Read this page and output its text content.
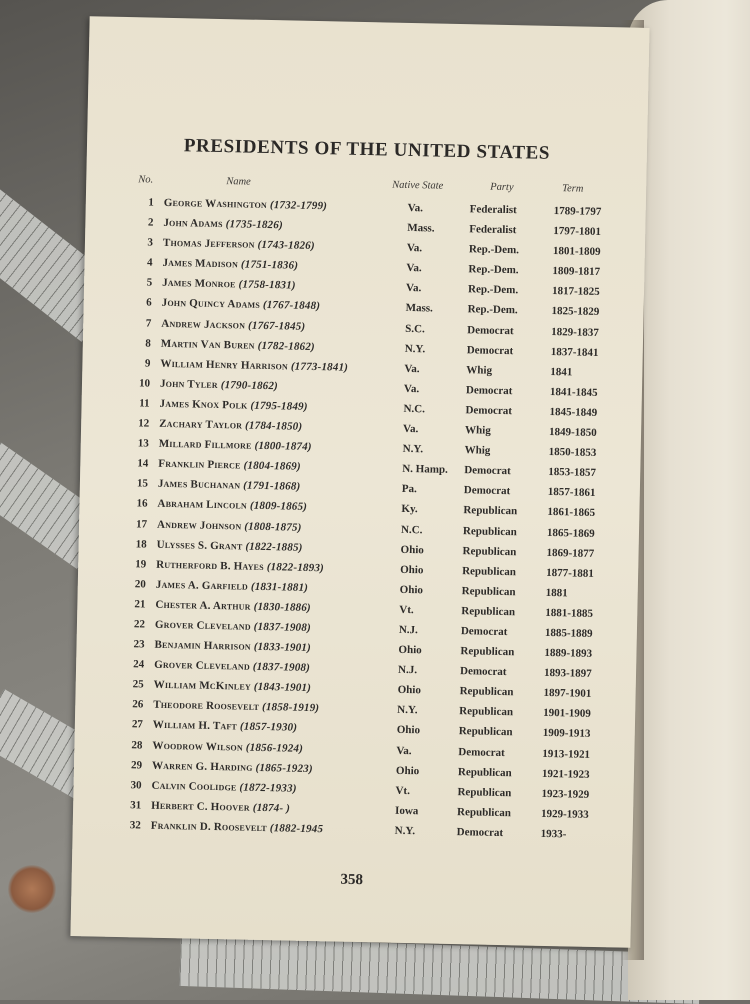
PRESIDENTS OF THE UNITED STATES
No.	Name	Native State	Party	Term
1 George Washington (1732-1799)	Va.	Federalist	1789-1797
2 John Adams (1735-1826)	Mass.	Federalist	1797-1801
3 Thomas Jefferson (1743-1826)	Va.	Rep.-Dem.	1801-1809
4 James Madison (1751-1836)	Va.	Rep.-Dem.	1809-1817
5 James Monroe (1758-1831)	Va.	Rep.-Dem.	1817-1825
6 John Quincy Adams (1767-1848)	Mass.	Rep.-Dem.	1825-1829
7 Andrew Jackson (1767-1845)	S.C.	Democrat	1829-1837
8 Martin Van Buren (1782-1862)	N.Y.	Democrat	1837-1841
9 William Henry Harrison (1773-1841)	Va.	Whig	1841
10 John Tyler (1790-1862)	Va.	Democrat	1841-1845
11 James Knox Polk (1795-1849)	N.C.	Democrat	1845-1849
12 Zachary Taylor (1784-1850)	Va.	Whig	1849-1850
13 Millard Fillmore (1800-1874)	N.Y.	Whig	1850-1853
14 Franklin Pierce (1804-1869)	N. Hamp. Democrat	1853-1857
15 James Buchanan (1791-1868)	Pa.	Democrat	1857-1861
16 Abraham Lincoln (1809-1865)	Ky.	Republican	1861-1865
17 Andrew Johnson (1808-1875)	N.C.	Republican	1865-1869
18 Ulysses S. Grant (1822-1885)	Ohio	Republican	1869-1877
19 Rutherford B. Hayes (1822-1893)	Ohio	Republican	1877-1881
20 James A. Garfield (1831-1881)	Ohio	Republican	1881
21 Chester A. Arthur (1830-1886)	Vt.	Republican	1881-1885
22 Grover Cleveland (1837-1908)	N.J.	Democrat	1885-1889
23 Benjamin Harrison (1833-1901)	Ohio	Republican	1889-1893
24 Grover Cleveland (1837-1908)	N.J.	Democrat	1893-1897
25 William McKinley (1843-1901)	Ohio	Republican	1897-1901
26 Theodore Roosevelt (1858-1919)	N.Y.	Republican	1901-1909
27 William H. Taft (1857-1930)	Ohio	Republican	1909-1913
28 Woodrow Wilson (1856-1924)	Va.	Democrat	1913-1921
29 Warren G. Harding (1865-1923)	Ohio	Republican	1921-1923
30 Calvin Coolidge (1872-1933)	Vt.	Republican	1923-1929
31 Herbert C. Hoover (1874- )	Iowa	Republican	1929-1933
32 Franklin D. Roosevelt (1882-1945	N.Y.	Democrat	1933-
358
